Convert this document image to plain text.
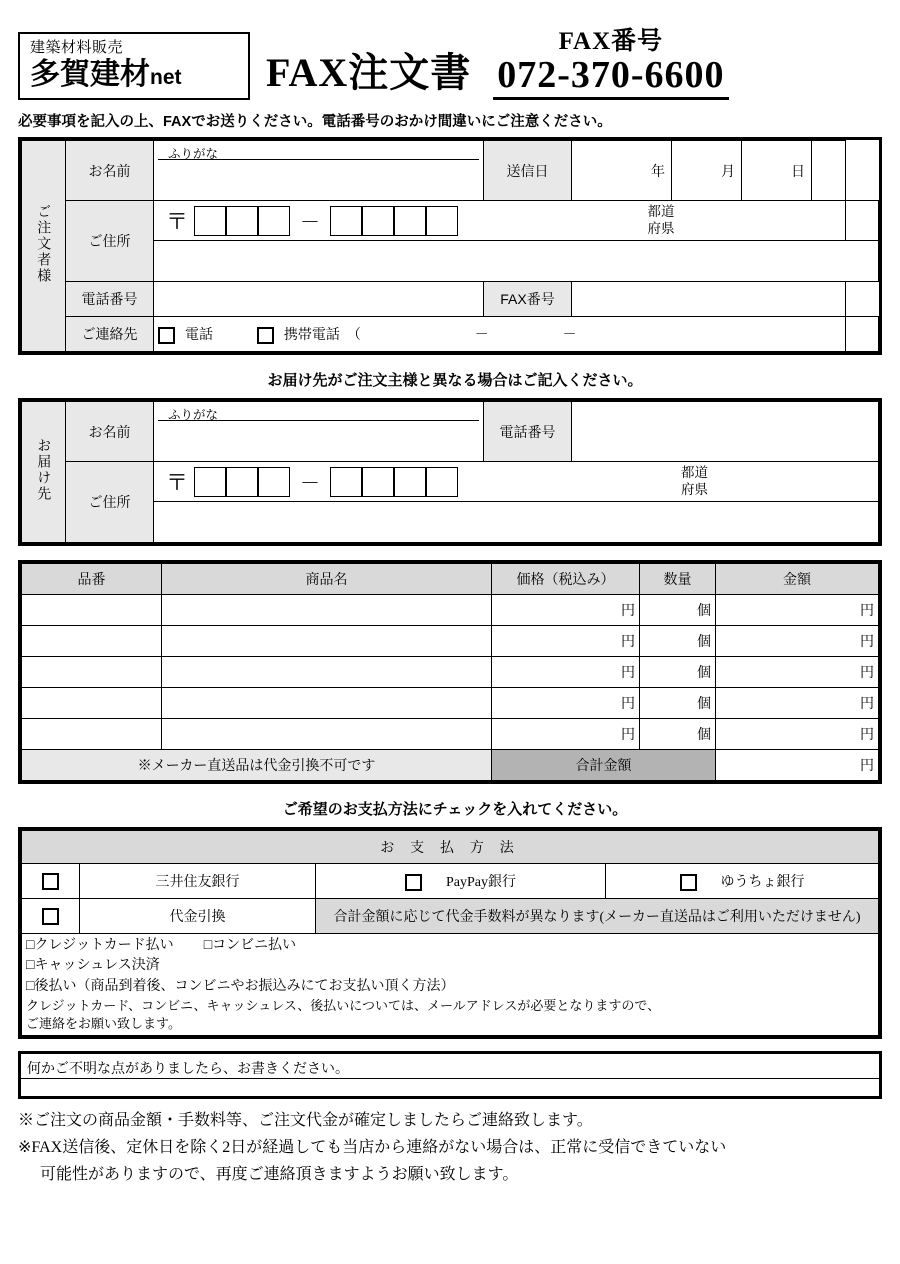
建築材料販売
多賀建材net	FAX注文書
FAX番号
072-370-6600
必要事項を記入の上、FAXでお送りください。電話番号のおかけ間違いにご注意ください。
ご注文者様	お名前	ふりがな	送信日	年	月	日		
	ご住所	〒 －
都道
府県						

	電話番号		FAX番号					
	ご連絡先	電話 携帯電話　（ － －						
お届け先がご注文主様と異なる場合はご記入ください。
お届け先	お名前	ふりがな	電話番号	
	ご住所	〒 －
都道
府県		

品番	商品名	価格（税込み）	数量	金額
		円	個	円
		円	個	円
		円	個	円
		円	個	円
		円	個	円
※メーカー直送品は代金引換不可です		合計金額		円
ご希望のお支払方法にチェックを入れてください。
お 支 払 方 法			
	三井住友銀行	PayPay銀行	ゆうちょ銀行
	代金引換	合計金額に応じて代金手数料が異なります(メーカー直送品はご利用いただけません)	

□クレジットカード払い □コンビニ払い
□キャッシュレス決済
□後払い（商品到着後、コンビニやお振込みにてお支払い頂く方法）
クレジットカード、コンビニ、キャッシュレス、後払いについては、メールアドレスが必要となりますので、
ご連絡をお願い致します。			
何かご不明な点がありましたら、お書きください。
※ご注文の商品金額・手数料等、ご注文代金が確定しましたらご連絡致します。
※FAX送信後、定休日を除く2日が経過しても当店から連絡がない場合は、正常に受信できていない
可能性がありますので、再度ご連絡頂きますようお願い致します。
